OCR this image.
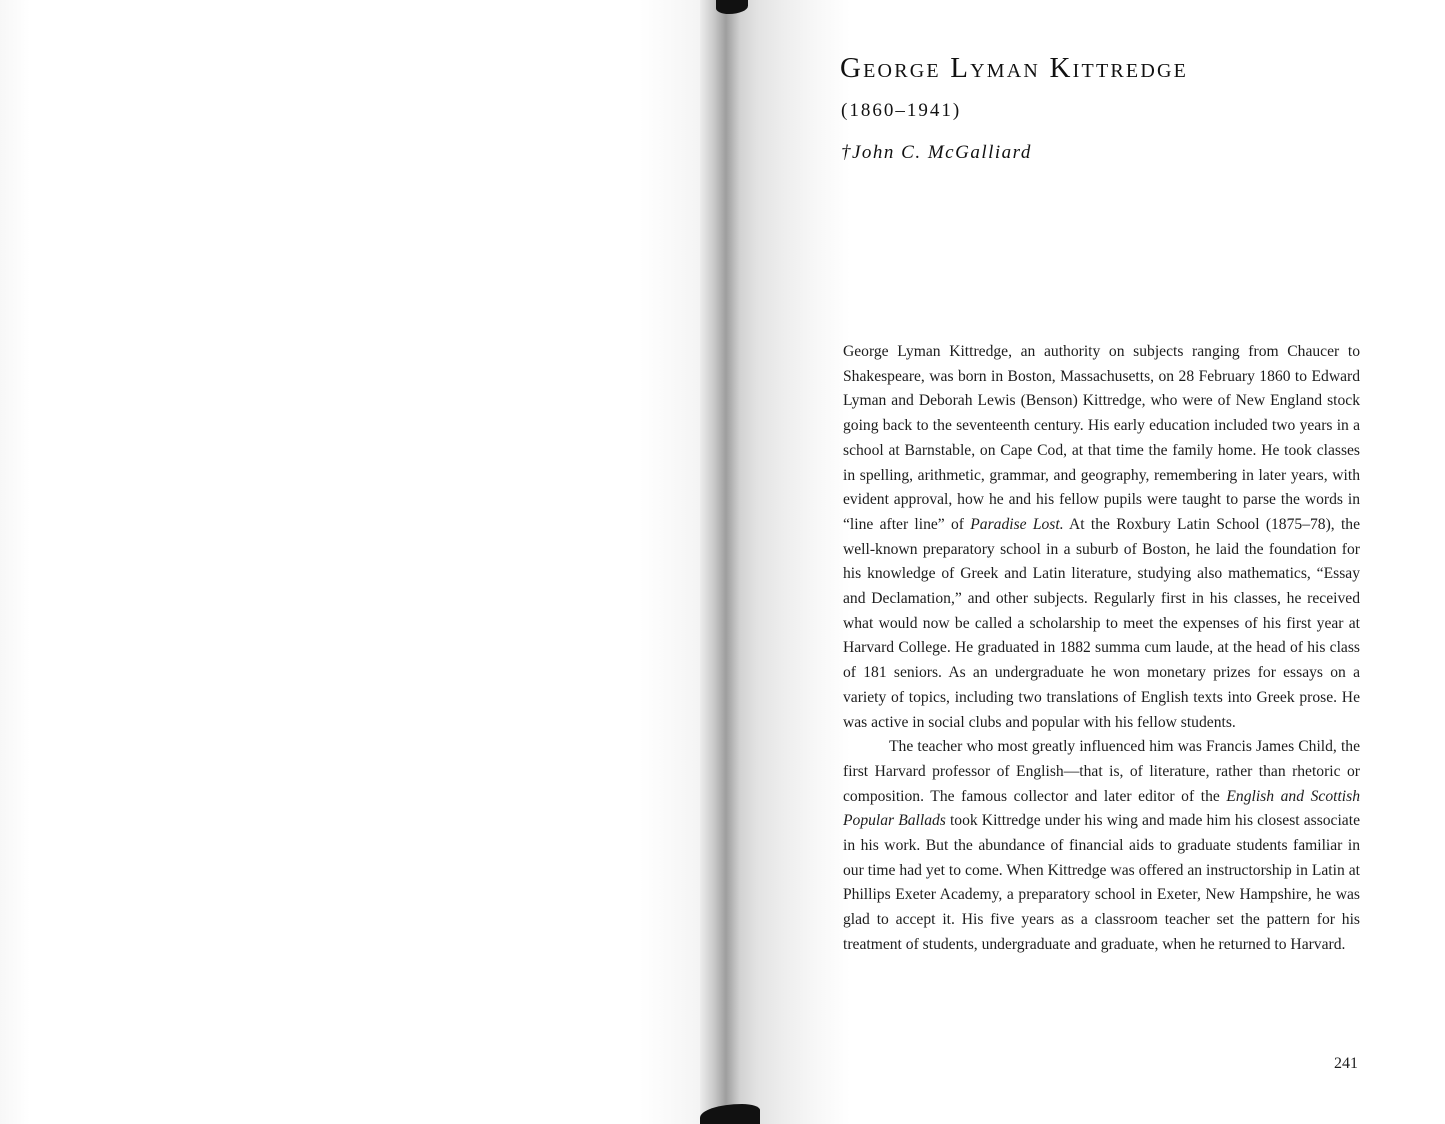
George Lyman Kittredge
(1860–1941)
†John C. McGalliard

George Lyman Kittredge, an authority on subjects ranging from Chaucer to Shakespeare, was born in Boston, Massachusetts, on 28 February 1860 to Edward Lyman and Deborah Lewis (Benson) Kittredge, who were of New England stock going back to the seventeenth century. His early education included two years in a school at Barnstable, on Cape Cod, at that time the family home. He took classes in spelling, arithmetic, grammar, and geography, remembering in later years, with evident approval, how he and his fellow pupils were taught to parse the words in “line after line” of Paradise Lost. At the Roxbury Latin School (1875–78), the well-known preparatory school in a suburb of Boston, he laid the foundation for his knowledge of Greek and Latin literature, studying also mathematics, “Essay and Declamation,” and other subjects. Regularly first in his classes, he received what would now be called a scholarship to meet the expenses of his first year at Harvard College. He graduated in 1882 summa cum laude, at the head of his class of 181 seniors. As an undergraduate he won monetary prizes for essays on a variety of topics, including two translations of English texts into Greek prose. He was active in social clubs and popular with his fellow students.

The teacher who most greatly influenced him was Francis James Child, the first Harvard professor of English—that is, of literature, rather than rhetoric or composition. The famous collector and later editor of the English and Scottish Popular Ballads took Kittredge under his wing and made him his closest associate in his work. But the abundance of financial aids to graduate students familiar in our time had yet to come. When Kittredge was offered an instructorship in Latin at Phillips Exeter Academy, a preparatory school in Exeter, New Hampshire, he was glad to accept it. His five years as a classroom teacher set the pattern for his treatment of students, undergraduate and graduate, when he returned to Harvard.

241
